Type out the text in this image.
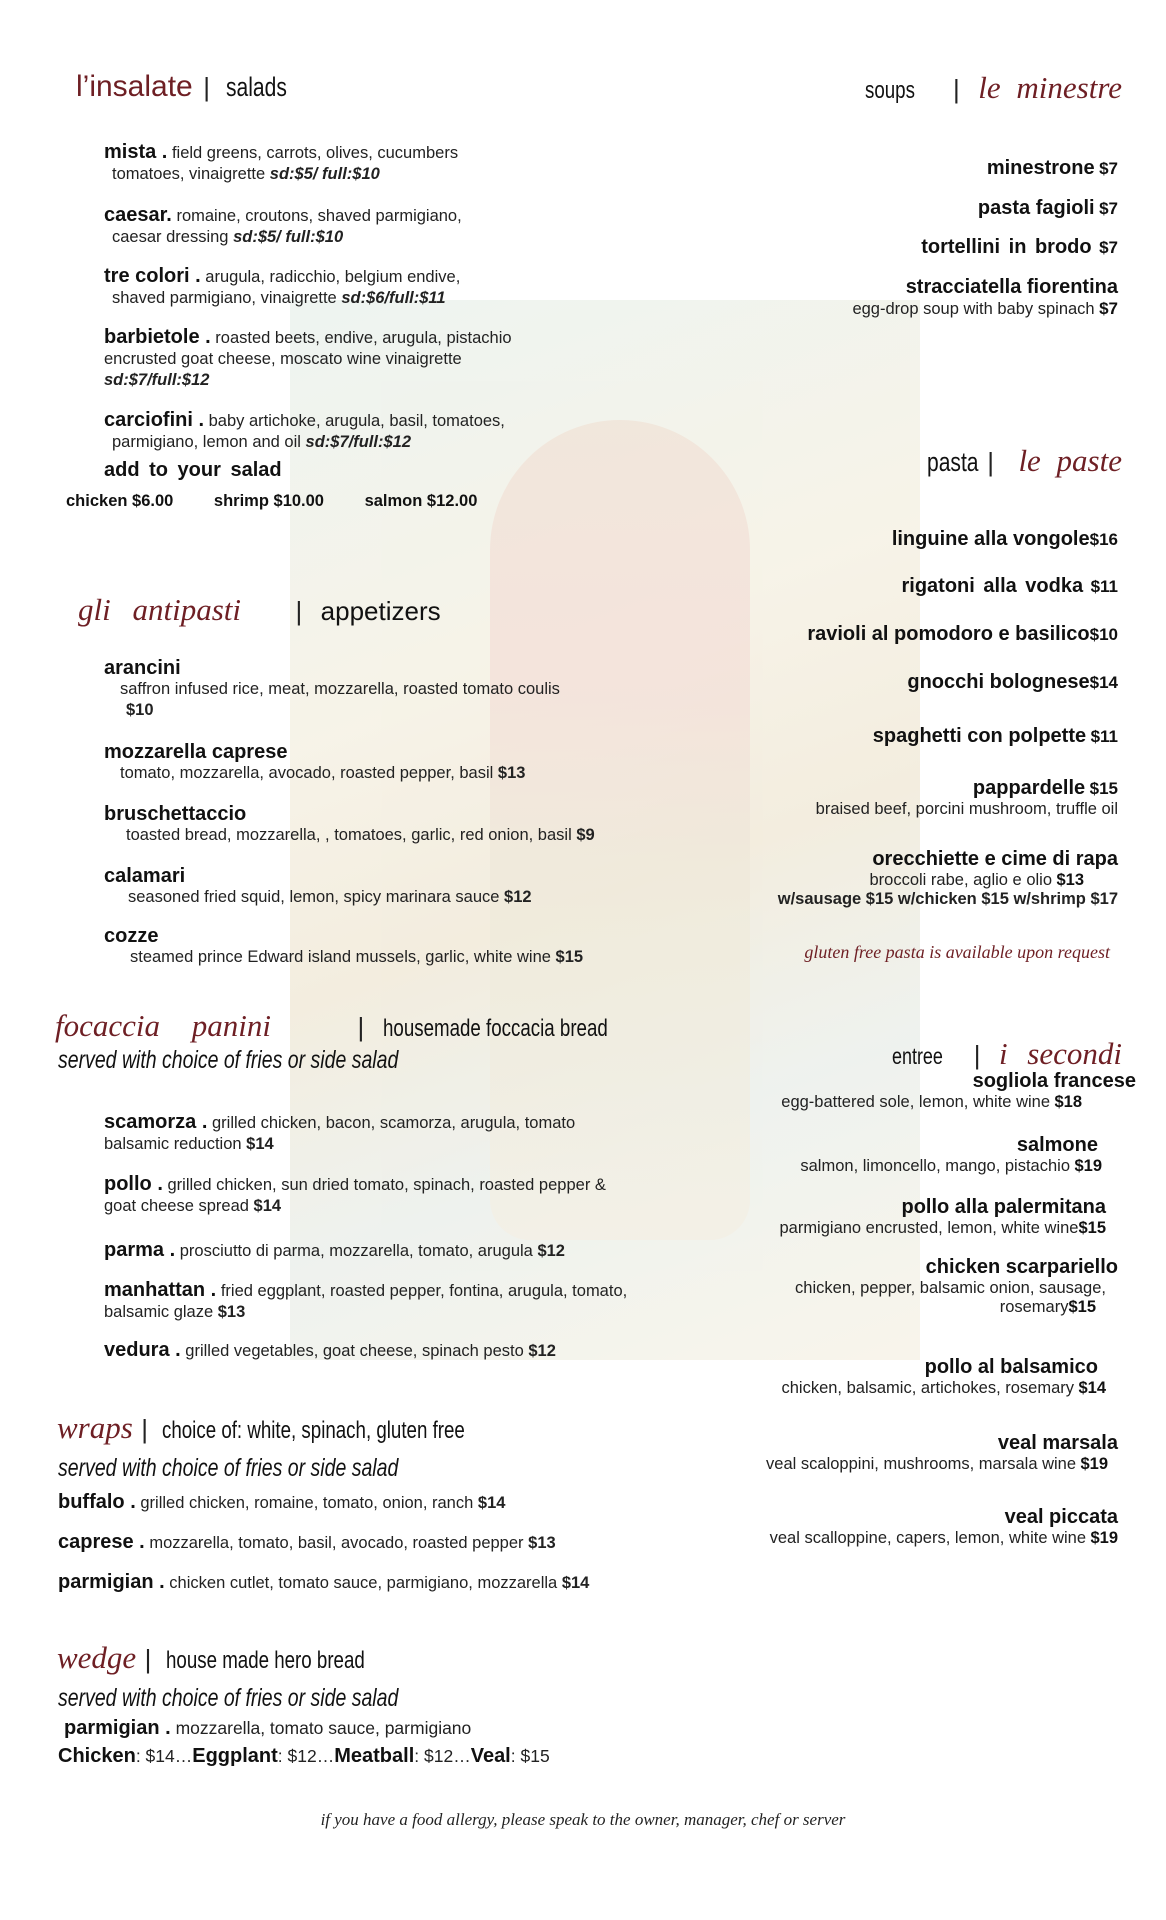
l’insalate | salads
mista . field greens, carrots, olives, cucumbers
tomatoes, vinaigrette sd:$5/ full:$10
caesar. romaine, croutons, shaved parmigiano,
caesar dressing sd:$5/ full:$10
tre colori . arugula, radicchio, belgium endive,
shaved parmigiano, vinaigrette sd:$6/full:$11
barbietole . roasted beets, endive, arugula, pistachio
encrusted goat cheese, moscato wine vinaigrette
sd:$7/full:$12
carciofini . baby artichoke, arugula, basil, tomatoes,
parmigiano, lemon and oil sd:$7/full:$12
add to your salad
chicken $6.00 shrimp $10.00 salmon $12.00
soups | le minestre
minestrone $7
pasta fagioli $7
tortellini in brodo $7
stracciatella fiorentina
egg-drop soup with baby spinach $7
pasta | le paste
linguine alla vongole$16
rigatoni alla vodka $11
ravioli al pomodoro e basilico$10
gnocchi bolognese$14
spaghetti con polpette $11
pappardelle $15
braised beef, porcini mushroom, truffle oil
orecchiette e cime di rapa
broccoli rabe, aglio e olio $13
w/sausage $15 w/chicken $15 w/shrimp $17
gluten free pasta is available upon request
gli antipasti | appetizers
arancini
saffron infused rice, meat, mozzarella, roasted tomato coulis
$10
mozzarella caprese
tomato, mozzarella, avocado, roasted pepper, basil $13
bruschettaccio
toasted bread, mozzarella, , tomatoes, garlic, red onion, basil $9
calamari
seasoned fried squid, lemon, spicy marinara sauce $12
cozze
steamed prince Edward island mussels, garlic, white wine $15
focaccia panini	| housemade foccacia bread
served with choice of fries or side salad
scamorza . grilled chicken, bacon, scamorza, arugula, tomato
balsamic reduction $14
pollo . grilled chicken, sun dried tomato, spinach, roasted pepper &
goat cheese spread $14
parma . prosciutto di parma, mozzarella, tomato, arugula $12
manhattan . fried eggplant, roasted pepper, fontina, arugula, tomato,
balsamic glaze $13
vedura . grilled vegetables, goat cheese, spinach pesto $12
entree | i secondi
sogliola francese
egg-battered sole, lemon, white wine $18
salmone
salmon, limoncello, mango, pistachio $19
pollo alla palermitana
parmigiano encrusted, lemon, white wine$15
chicken scarpariello
chicken, pepper, balsamic onion, sausage,
rosemary$15
pollo al balsamico
chicken, balsamic, artichokes, rosemary $14
veal marsala
veal scaloppini, mushrooms, marsala wine $19
veal piccata
veal scalloppine, capers, lemon, white wine $19
wraps | choice of: white, spinach, gluten free
served with choice of fries or side salad
buffalo . grilled chicken, romaine, tomato, onion, ranch $14
caprese . mozzarella, tomato, basil, avocado, roasted pepper $13
parmigian . chicken cutlet, tomato sauce, parmigiano, mozzarella $14
wedge | house made hero bread
served with choice of fries or side salad
parmigian . mozzarella, tomato sauce, parmigiano
Chicken: $14…Eggplant: $12…Meatball: $12…Veal: $15
if you have a food allergy, please speak to the owner, manager, chef or server
